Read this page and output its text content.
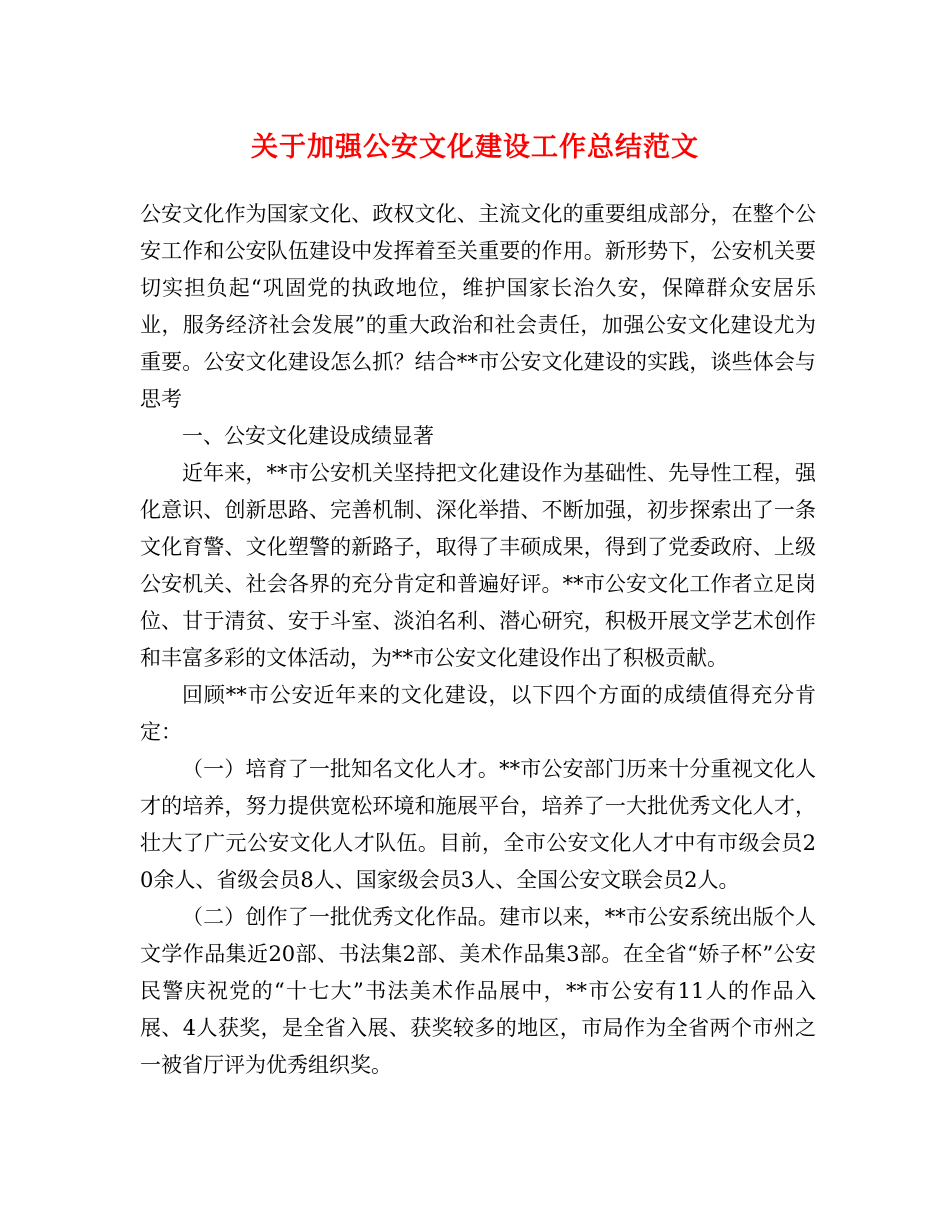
关于加强公安文化建设工作总结范文

公安文化作为国家文化、政权文化、主流文化的重要组成部分，在整个公安工作和公安队伍建设中发挥着至关重要的作用。新形势下，公安机关要切实担负起“巩固党的执政地位，维护国家长治久安，保障群众安居乐业，服务经济社会发展”的重大政治和社会责任，加强公安文化建设尤为重要。公安文化建设怎么抓？结合**市公安文化建设的实践，谈些体会与思考

一、公安文化建设成绩显著

近年来，**市公安机关坚持把文化建设作为基础性、先导性工程，强化意识、创新思路、完善机制、深化举措、不断加强，初步探索出了一条文化育警、文化塑警的新路子，取得了丰硕成果，得到了党委政府、上级公安机关、社会各界的充分肯定和普遍好评。**市公安文化工作者立足岗位、甘于清贫、安于斗室、淡泊名利、潜心研究，积极开展文学艺术创作和丰富多彩的文体活动，为**市公安文化建设作出了积极贡献。

回顾**市公安近年来的文化建设，以下四个方面的成绩值得充分肯定：

（一）培育了一批知名文化人才。**市公安部门历来十分重视文化人才的培养，努力提供宽松环境和施展平台，培养了一大批优秀文化人才，壮大了广元公安文化人才队伍。目前，全市公安文化人才中有市级会员20余人、省级会员8人、国家级会员3人、全国公安文联会员2人。

（二）创作了一批优秀文化作品。建市以来，**市公安系统出版个人文学作品集近20部、书法集2部、美术作品集3部。在全省“娇子杯”公安民警庆祝党的“十七大”书法美术作品展中，**市公安有11人的作品入展、4人获奖，是全省入展、获奖较多的地区，市局作为全省两个市州之一被省厅评为优秀组织奖。
